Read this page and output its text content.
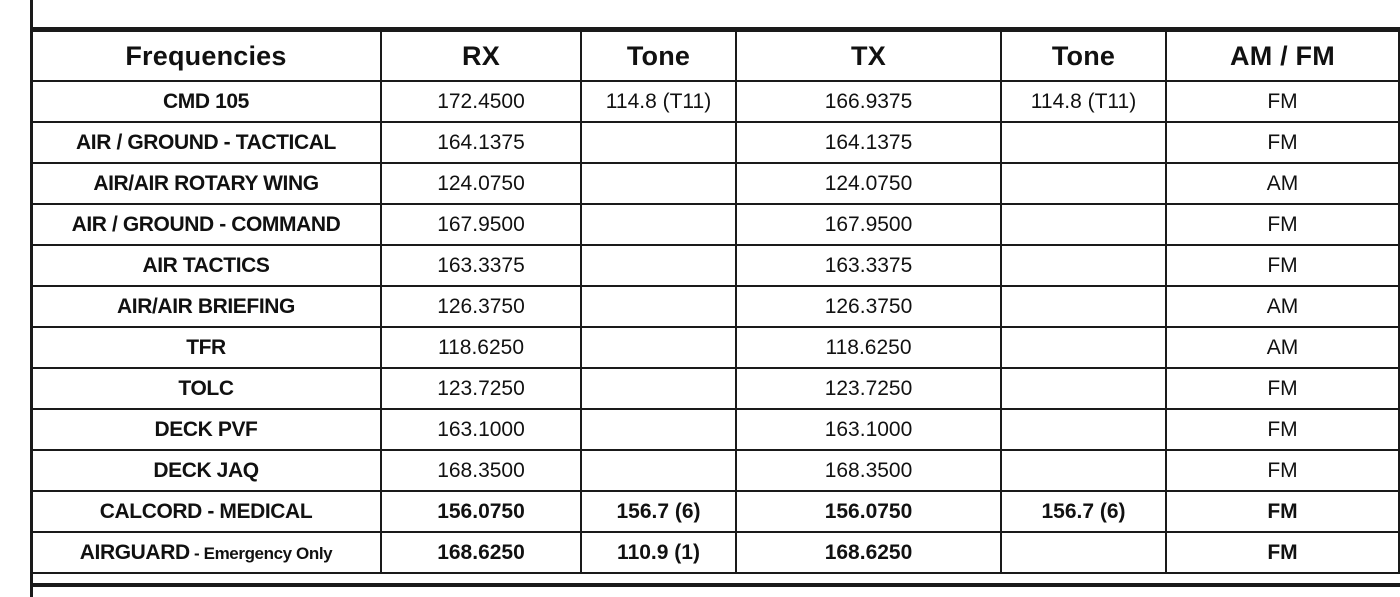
Frequencies	RX	Tone	TX	Tone	AM / FM
CMD 105	172.4500	114.8 (T11)	166.9375	114.8 (T11)	FM
AIR / GROUND - TACTICAL	164.1375		164.1375		FM
AIR/AIR ROTARY WING	124.0750		124.0750		AM
AIR / GROUND - COMMAND	167.9500		167.9500		FM
AIR TACTICS	163.3375		163.3375		FM
AIR/AIR BRIEFING	126.3750		126.3750		AM
TFR	118.6250		118.6250		AM
TOLC	123.7250		123.7250		FM
DECK PVF	163.1000		163.1000		FM
DECK JAQ	168.3500		168.3500		FM
CALCORD - MEDICAL	156.0750	156.7 (6)	156.0750	156.7 (6)	FM
AIRGUARD - Emergency Only	168.6250	110.9 (1)	168.6250		FM
